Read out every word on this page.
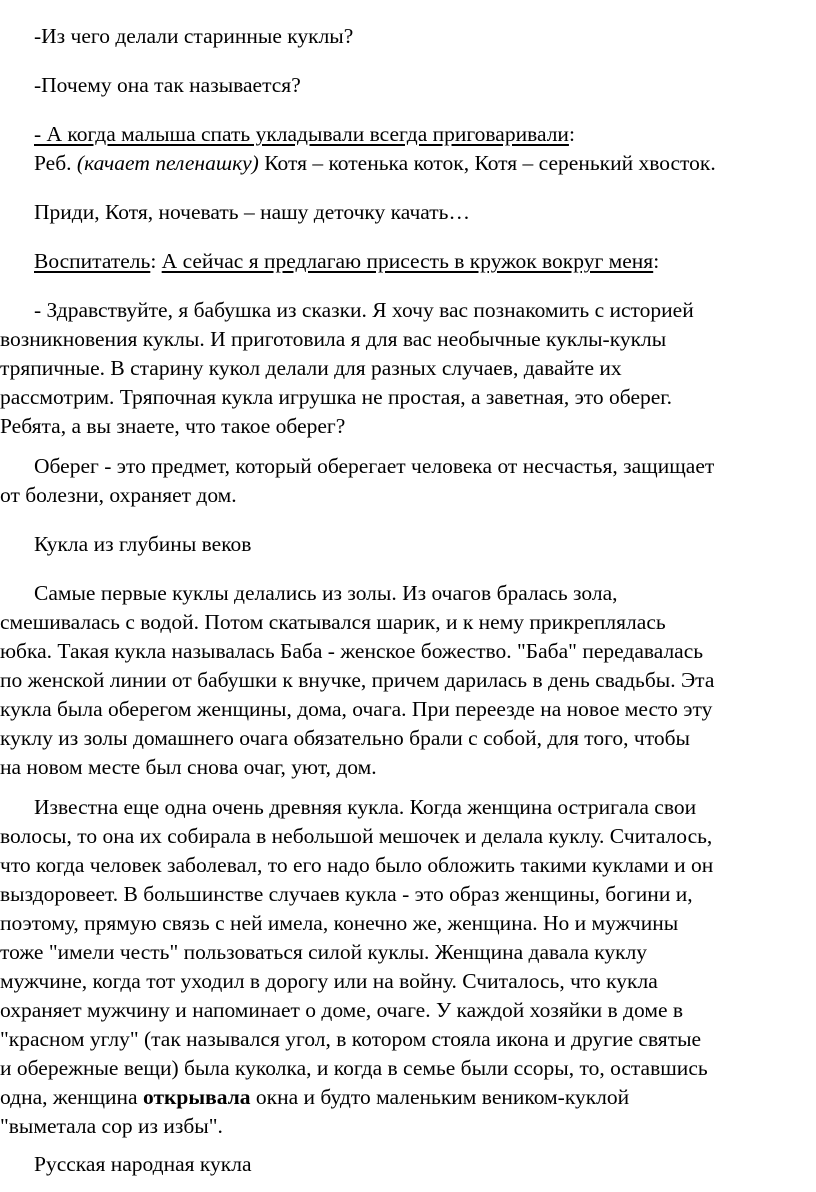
-Из чего делали старинные куклы?
-Почему она так называется?
- А когда малыша спать укладывали всегда приговаривали:
Реб. (качает пеленашку) Котя – котенька коток, Котя – серенький хвосток.
Приди, Котя, ночевать – нашу деточку качать…
Воспитатель: А сейчас я предлагаю присесть в кружок вокруг меня:
- Здравствуйте, я бабушка из сказки. Я хочу вас познакомить с историей
возникновения куклы. И приготовила я для вас необычные куклы-куклы
тряпичные. В старину кукол делали для разных случаев, давайте их
рассмотрим. Тряпочная кукла игрушка не простая, а заветная, это оберег.
Ребята, а вы знаете, что такое оберег?
Оберег - это предмет, который оберегает человека от несчастья, защищает
от болезни, охраняет дом.
Кукла из глубины веков
Самые первые куклы делались из золы. Из очагов бралась зола,
смешивалась с водой. Потом скатывался шарик, и к нему прикреплялась
юбка. Такая кукла называлась Баба - женское божество. "Баба" передавалась
по женской линии от бабушки к внучке, причем дарилась в день свадьбы. Эта
кукла была оберегом женщины, дома, очага. При переезде на новое место эту
куклу из золы домашнего очага обязательно брали с собой, для того, чтобы
на новом месте был снова очаг, уют, дом.
Известна еще одна очень древняя кукла. Когда женщина остригала свои
волосы, то она их собирала в небольшой мешочек и делала куклу. Считалось,
что когда человек заболевал, то его надо было обложить такими куклами и он
выздоровеет. В большинстве случаев кукла - это образ женщины, богини и,
поэтому, прямую связь с ней имела, конечно же, женщина. Но и мужчины
тоже "имели честь" пользоваться силой куклы. Женщина давала куклу
мужчине, когда тот уходил в дорогу или на войну. Считалось, что кукла
охраняет мужчину и напоминает о доме, очаге. У каждой хозяйки в доме в
"красном углу" (так назывался угол, в котором стояла икона и другие святые
и обережные вещи) была куколка, и когда в семье были ссоры, то, оставшись
одна, женщина открывала окна и будто маленьким веником-куклой
"выметала сор из избы".
Русская народная кукла
